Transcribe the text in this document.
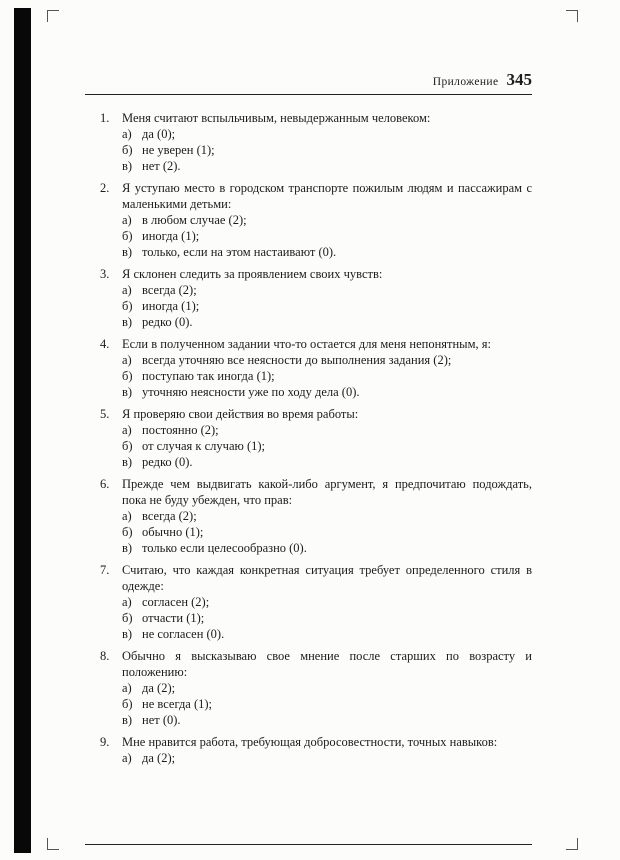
Приложение 345
1.	Меня считают вспыльчивым, невыдержанным человеком:
а) да (0);
б) не уверен (1);
в) нет (2).
2.	Я уступаю место в городском транспорте пожилым людям и пассажирам с маленькими детьми:
а) в любом случае (2);
б) иногда (1);
в) только, если на этом настаивают (0).
3.	Я склонен следить за проявлением своих чувств:
а) всегда (2);
б) иногда (1);
в) редко (0).
4.	Если в полученном задании что-то остается для меня непонятным, я:
а) всегда уточняю все неясности до выполнения задания (2);
б) поступаю так иногда (1);
в) уточняю неясности уже по ходу дела (0).
5.	Я проверяю свои действия во время работы:
а) постоянно (2);
б) от случая к случаю (1);
в) редко (0).
6.	Прежде чем выдвигать какой-либо аргумент, я предпочитаю подождать, пока не буду убежден, что прав:
а) всегда (2);
б) обычно (1);
в) только если целесообразно (0).
7.	Считаю, что каждая конкретная ситуация требует определенного стиля в одежде:
а) согласен (2);
б) отчасти (1);
в) не согласен (0).
8.	Обычно я высказываю свое мнение после старших по возрасту и положению:
а) да (2);
б) не всегда (1);
в) нет (0).
9.	Мне нравится работа, требующая добросовестности, точных навыков:
а) да (2);
